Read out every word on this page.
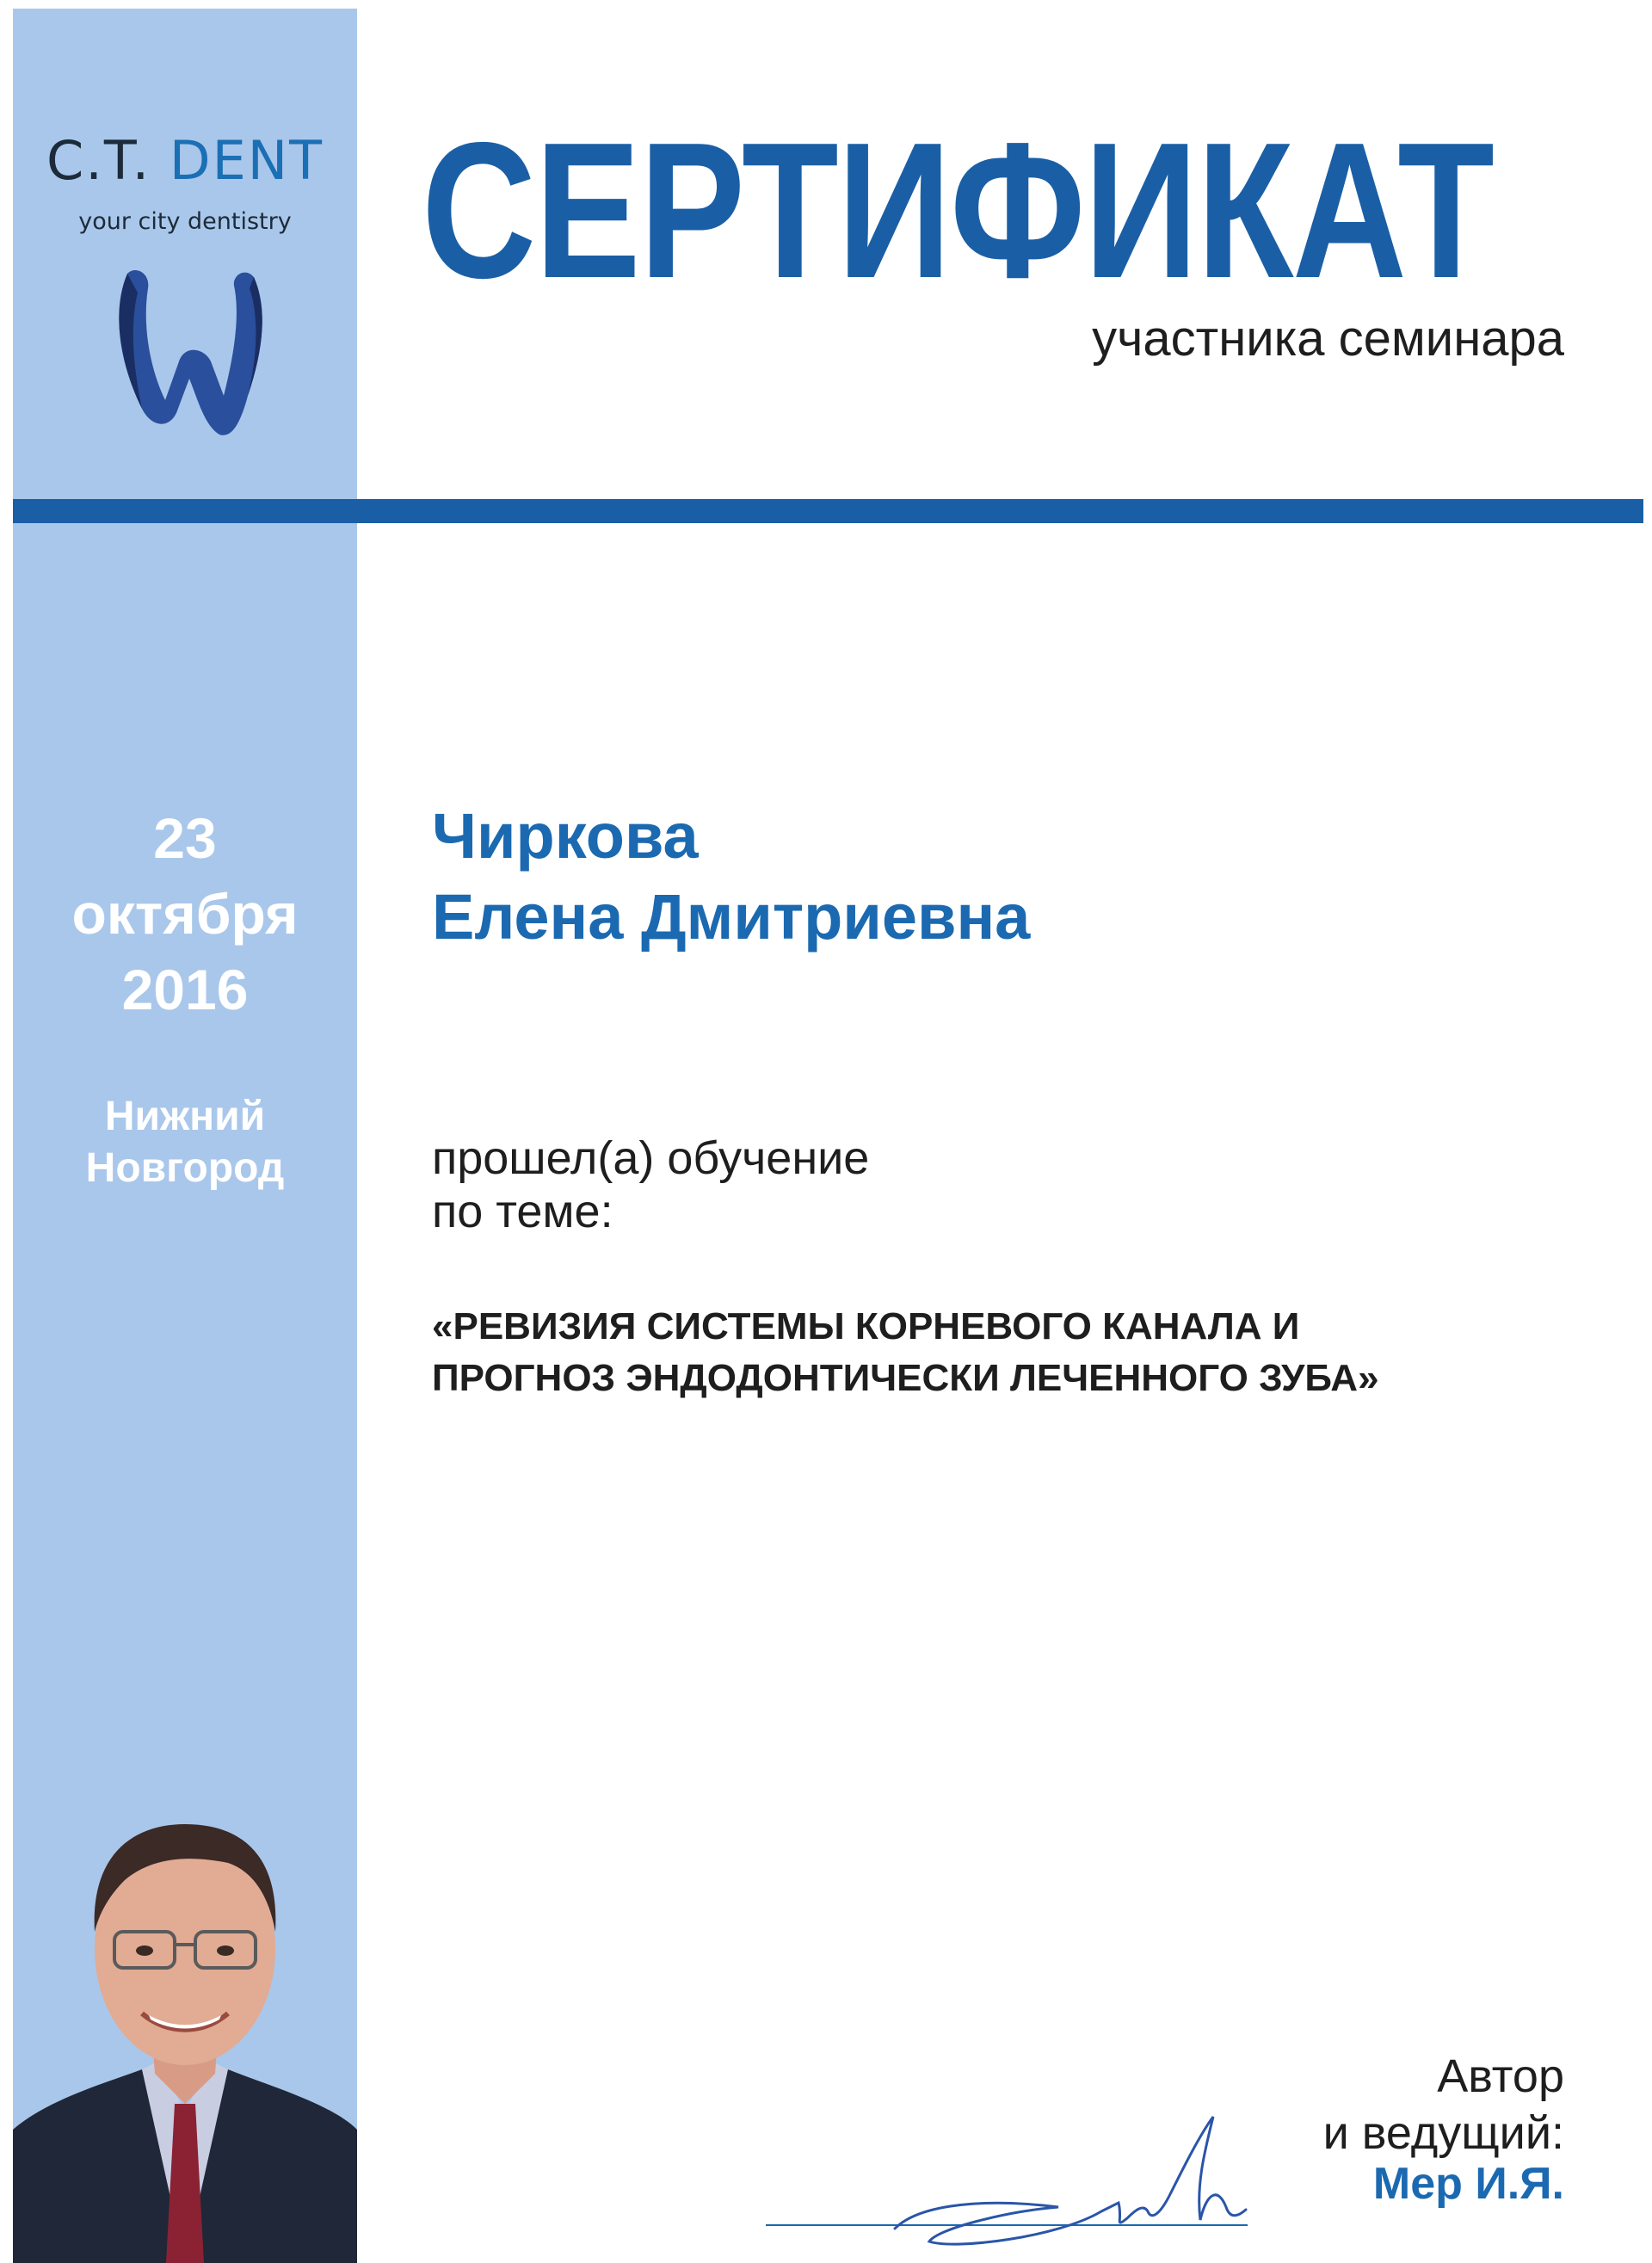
C.T. DENT
your city dentistry СЕРТИФИКАТ
участника семинара
23
октября
2016
Нижний
Новгород
Чиркова
Елена Дмитриевна
прошел(а) обучение
по теме:
«РЕВИЗИЯ СИСТЕМЫ КОРНЕВОГО КАНАЛА И
ПРОГНОЗ ЭНДОДОНТИЧЕСКИ ЛЕЧЕННОГО ЗУБА»
Автор
и ведущий:
Мер И.Я.
